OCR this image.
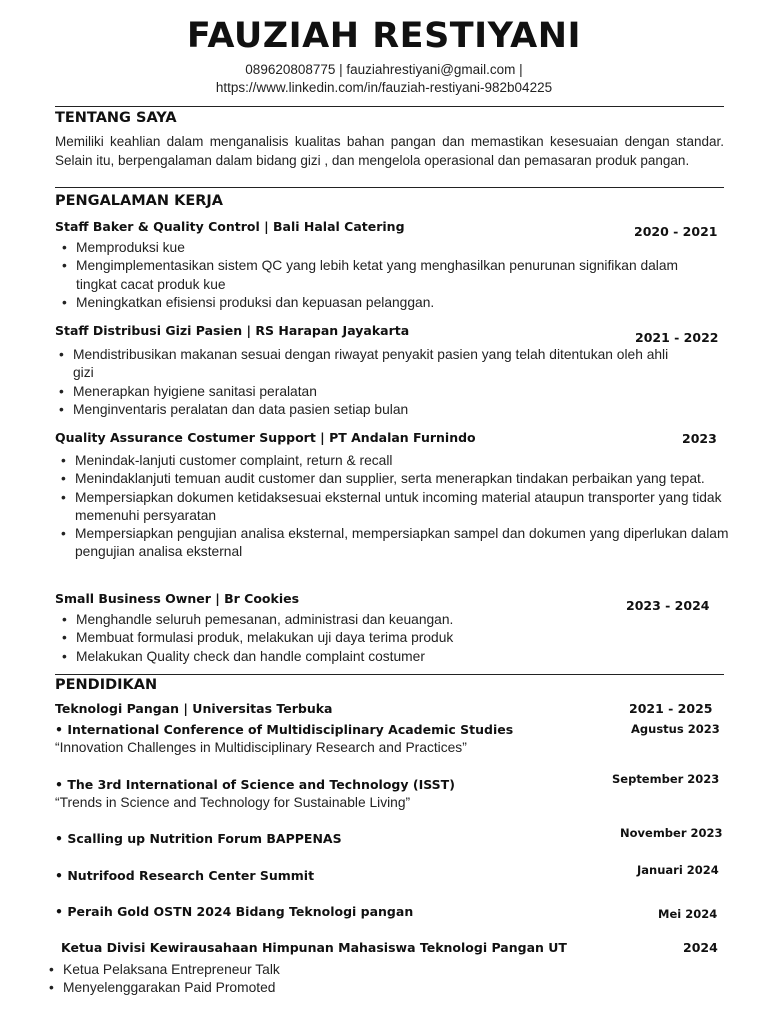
FAUZIAH RESTIYANI
089620808775 | fauziahrestiyani@gmail.com |
https://www.linkedin.com/in/fauziah-restiyani-982b04225
TENTANG SAYA
Memiliki keahlian dalam menganalisis kualitas bahan pangan dan memastikan kesesuaian dengan standar. Selain itu, berpengalaman dalam bidang gizi , dan mengelola operasional dan pemasaran produk pangan.
PENGALAMAN KERJA
Staff Baker & Quality Control | Bali Halal Catering	2020 - 2021
• Memproduksi kue
• Mengimplementasikan sistem QC yang lebih ketat yang menghasilkan penurunan signifikan dalam tingkat cacat produk kue
• Meningkatkan efisiensi produksi dan kepuasan pelanggan.
Staff Distribusi Gizi Pasien | RS Harapan Jayakarta	2021 - 2022
• Mendistribusikan makanan sesuai dengan riwayat penyakit pasien yang telah ditentukan oleh ahli gizi
• Menerapkan hyigiene sanitasi peralatan
• Menginventaris peralatan dan data pasien setiap bulan
Quality Assurance Costumer Support | PT Andalan Furnindo	2023
• Menindak-lanjuti customer complaint, return & recall
• Menindaklanjuti temuan audit customer dan supplier, serta menerapkan tindakan perbaikan yang tepat.
• Mempersiapkan dokumen ketidaksesuai eksternal untuk incoming material ataupun transporter yang tidak memenuhi persyaratan
• Mempersiapkan pengujian analisa eksternal, mempersiapkan sampel dan dokumen yang diperlukan dalam pengujian analisa eksternal
Small Business Owner | Br Cookies	2023 - 2024
• Menghandle seluruh pemesanan, administrasi dan keuangan.
• Membuat formulasi produk, melakukan uji daya terima produk
• Melakukan Quality check dan handle complaint costumer
PENDIDIKAN
Teknologi Pangan | Universitas Terbuka	2021 - 2025
• International Conference of Multidisciplinary Academic Studies	Agustus 2023
“Innovation Challenges in Multidisciplinary Research and Practices”
• The 3rd International of Science and Technology (ISST)	September 2023
“Trends in Science and Technology for Sustainable Living”
• Scalling up Nutrition Forum BAPPENAS	November 2023
• Nutrifood Research Center Summit	Januari 2024
• Peraih Gold OSTN 2024 Bidang Teknologi pangan	Mei 2024
Ketua Divisi Kewirausahaan Himpunan Mahasiswa Teknologi Pangan UT	2024
• Ketua Pelaksana Entrepreneur Talk
• Menyelenggarakan Paid Promoted
